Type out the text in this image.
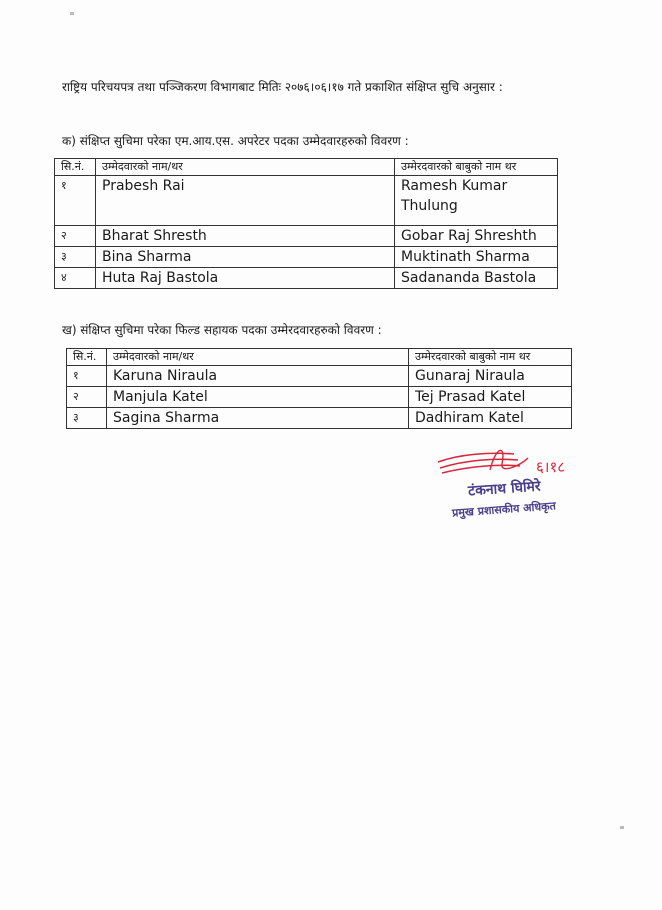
राष्ट्रिय परिचयपत्र तथा पञ्जिकरण विभागबाट मितिः २०७६।०६।१७ गते प्रकाशित संक्षिप्त सुचि अनुसार :
क) संक्षिप्त सुचिमा परेका एम.आय.एस. अपरेटर पदका उम्मेदवारहरुको विवरण :
सि.नं.	उम्मेदवारको नाम/थर	उम्मेरदवारको बाबुको नाम थर
१	Prabesh Rai	Ramesh Kumar Thulung
२	Bharat Shresth	Gobar Raj Shreshth
३	Bina Sharma	Muktinath Sharma
४	Huta Raj Bastola	Sadananda Bastola
ख) संक्षिप्त सुचिमा परेका फिल्ड सहायक पदका उम्मेरदवारहरुको विवरण :
सि.नं.	उम्मेदवारको नाम/थर	उम्मेरदवारको बाबुको नाम थर
१	Karuna Niraula	Gunaraj Niraula
२	Manjula Katel	Tej Prasad Katel
३	Sagina Sharma	Dadhiram Katel
६।१८
टंकनाथ घिमिरे
प्रमुख प्रशासकीय अधिकृत
